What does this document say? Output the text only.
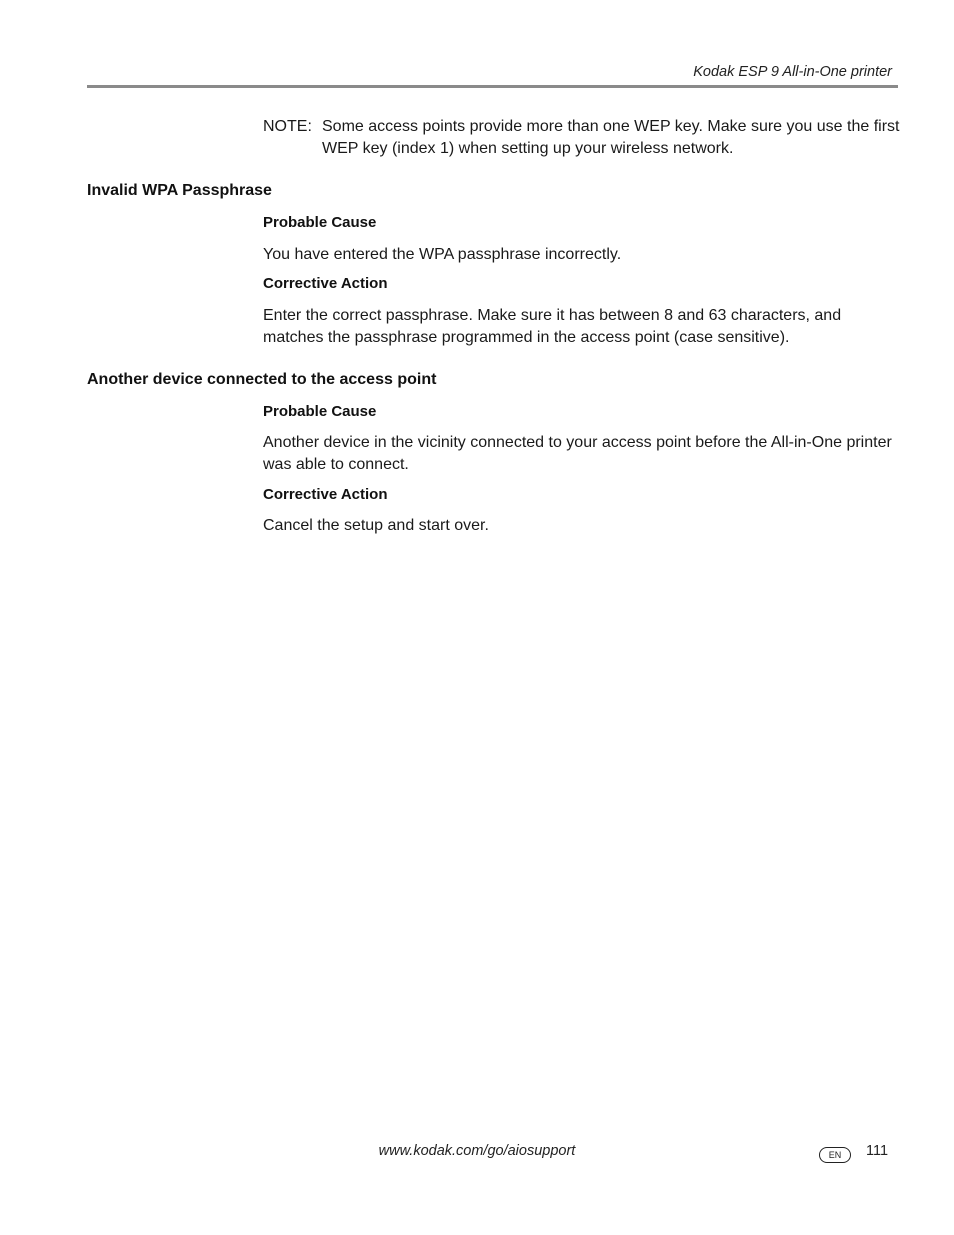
Kodak ESP 9 All-in-One printer
NOTE: Some access points provide more than one WEP key. Make sure you use the first WEP key (index 1) when setting up your wireless network.
Invalid WPA Passphrase
Probable Cause
You have entered the WPA passphrase incorrectly.
Corrective Action
Enter the correct passphrase. Make sure it has between 8 and 63 characters, and matches the passphrase programmed in the access point (case sensitive).
Another device connected to the access point
Probable Cause
Another device in the vicinity connected to your access point before the All-in-One printer was able to connect.
Corrective Action
Cancel the setup and start over.
www.kodak.com/go/aiosupport	EN	111
